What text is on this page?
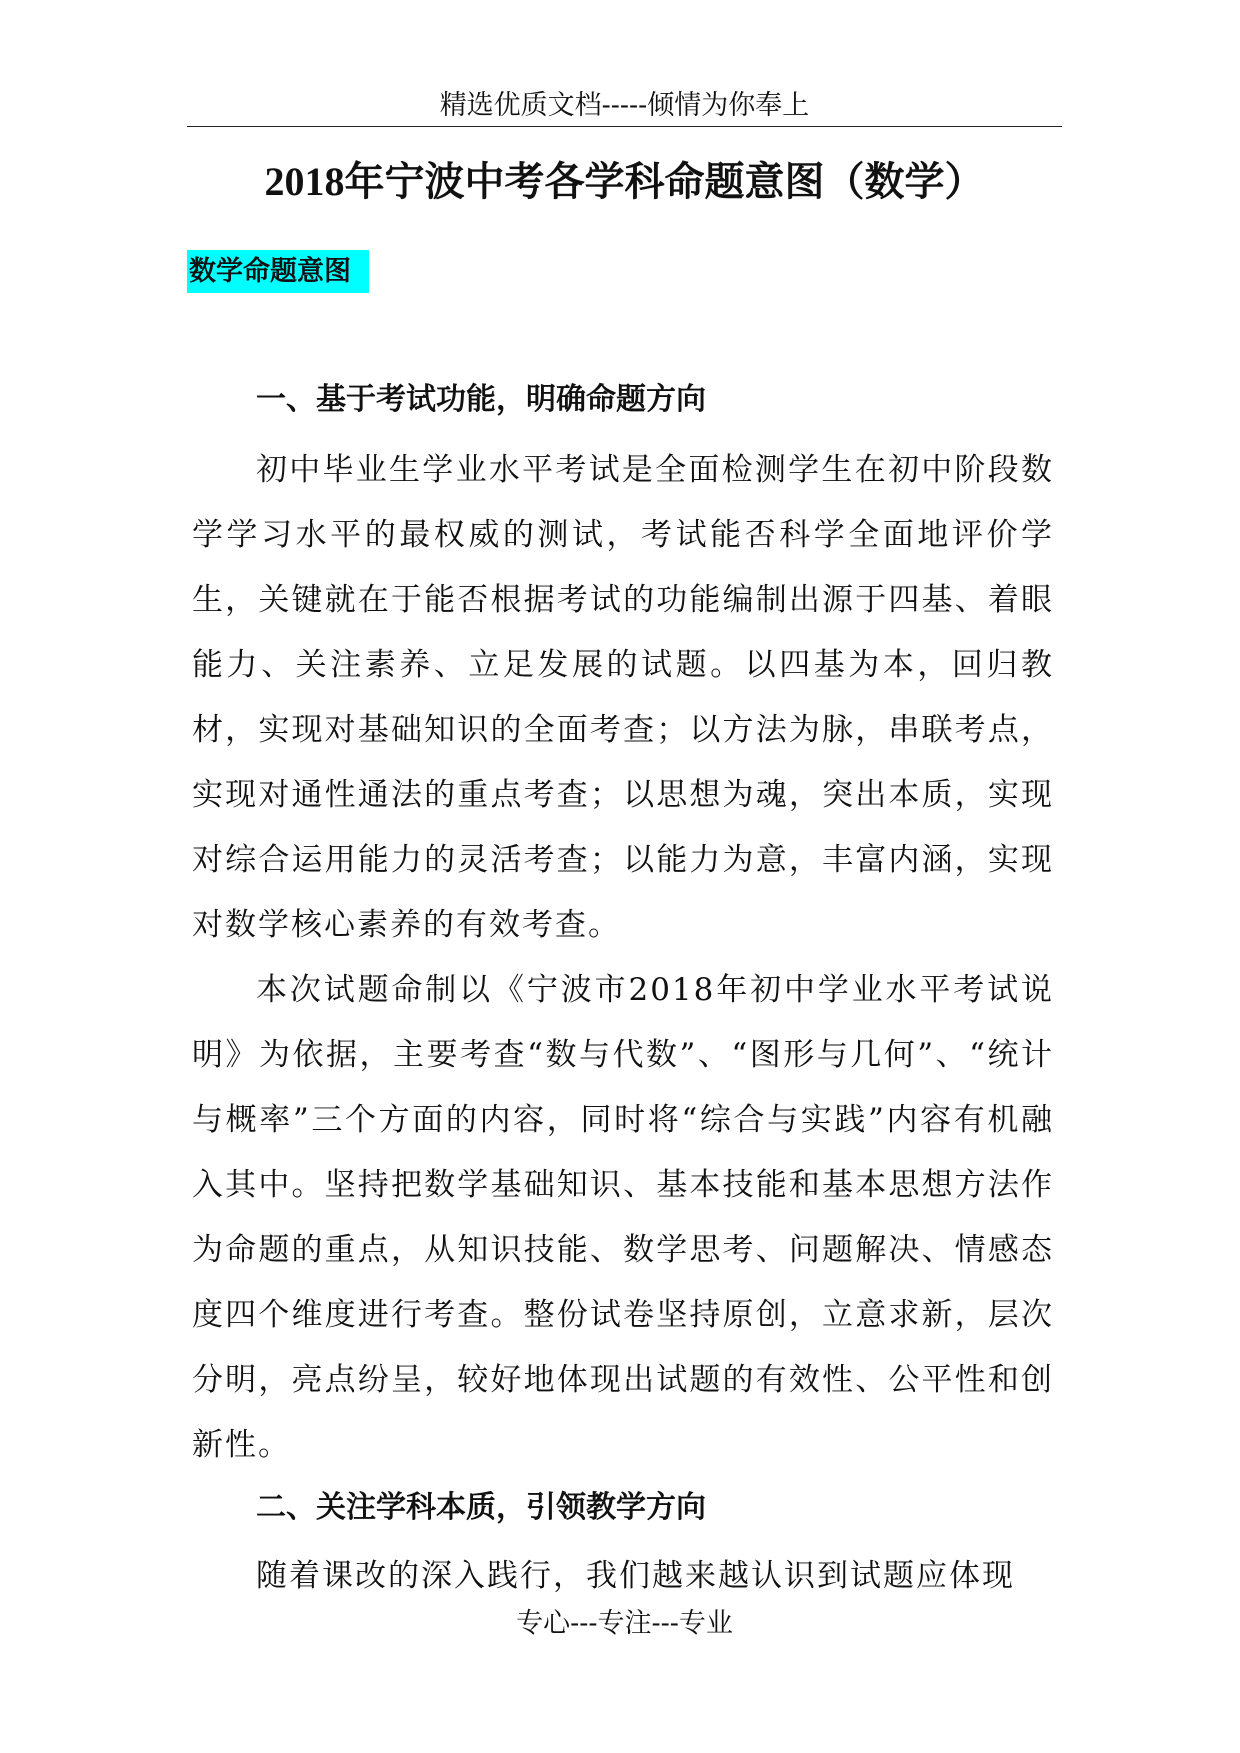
精选优质文档-----倾情为你奉上
2018年宁波中考各学科命题意图（数学）
数学命题意图
一、基于考试功能，明确命题方向

初中毕业生学业水平考试是全面检测学生在初中阶段数学学习水平的最权威的测试，考试能否科学全面地评价学生，关键就在于能否根据考试的功能编制出源于四基、着眼能力、关注素养、立足发展的试题。以四基为本，回归教材，实现对基础知识的全面考查；以方法为脉，串联考点，实现对通性通法的重点考查；以思想为魂，突出本质，实现对综合运用能力的灵活考查；以能力为意，丰富内涵，实现对数学核心素养的有效考查。

本次试题命制以《宁波市2018年初中学业水平考试说明》为依据，主要考查“数与代数”、“图形与几何”、“统计与概率”三个方面的内容，同时将“综合与实践”内容有机融入其中。坚持把数学基础知识、基本技能和基本思想方法作为命题的重点，从知识技能、数学思考、问题解决、情感态度四个维度进行考查。整份试卷坚持原创，立意求新，层次分明，亮点纷呈，较好地体现出试题的有效性、公平性和创新性。

二、关注学科本质，引领教学方向

随着课改的深入践行，我们越来越认识到试题应体现

专心---专注---专业
